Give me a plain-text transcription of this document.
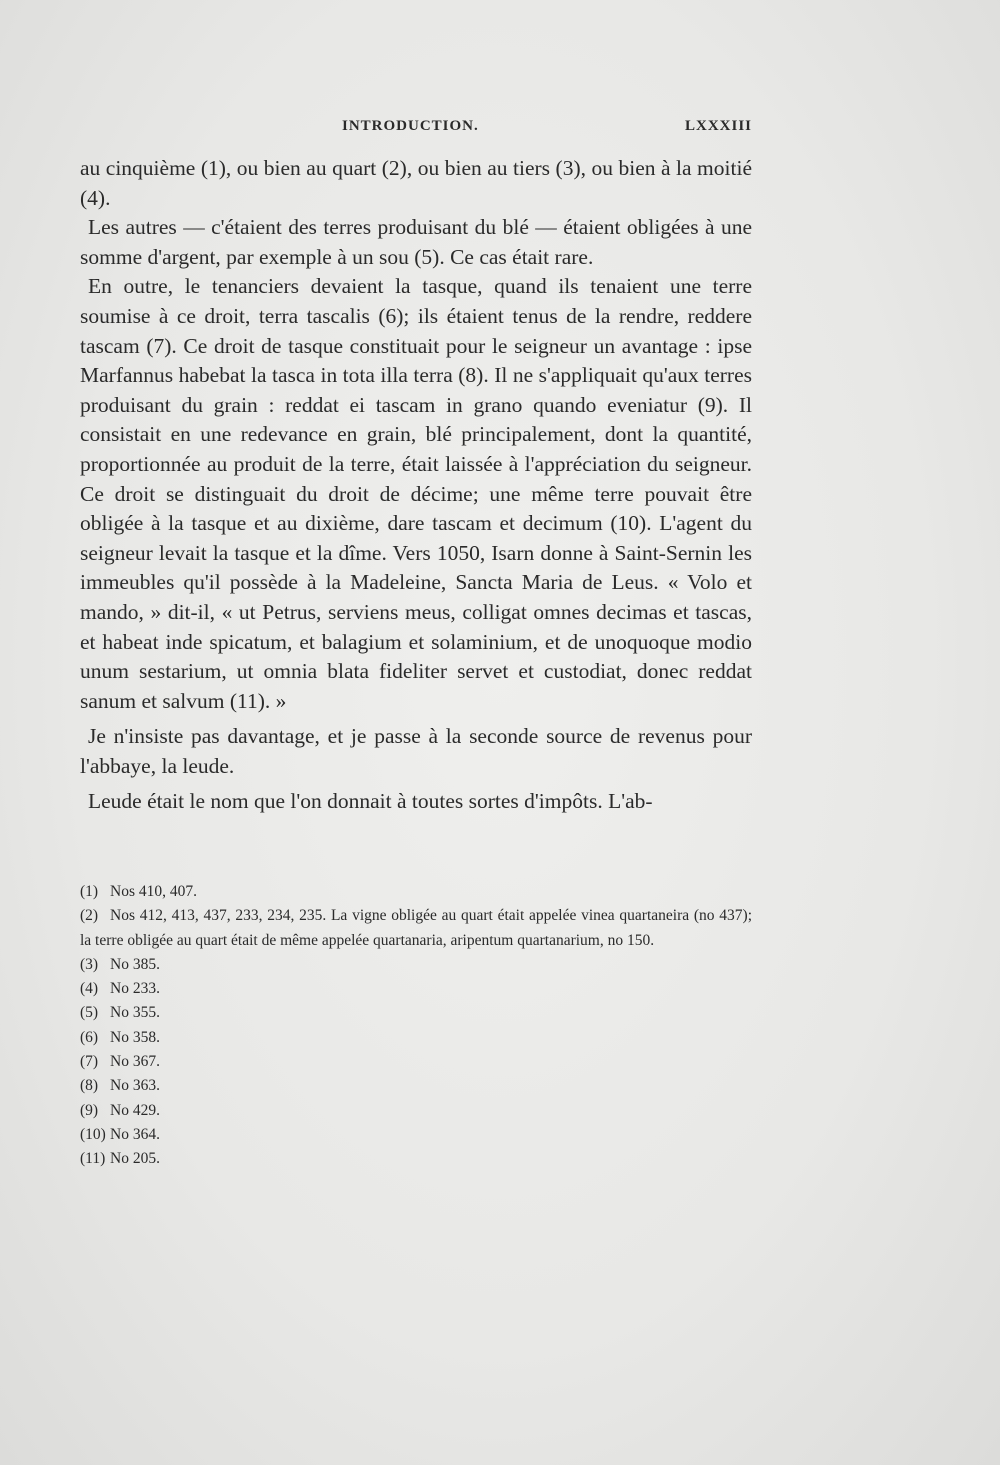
INTRODUCTION.	LXXXIII

au cinquième (1), ou bien au quart (2), ou bien au tiers (3), ou bien à la moitié (4).

Les autres — c'étaient des terres produisant du blé — étaient obligées à une somme d'argent, par exemple à un sou (5). Ce cas était rare.

En outre, le tenanciers devaient la tasque, quand ils tenaient une terre soumise à ce droit, terra tascalis (6); ils étaient tenus de la rendre, reddere tascam (7). Ce droit de tasque constituait pour le seigneur un avantage : ipse Marfannus habebat la tasca in tota illa terra (8). Il ne s'appliquait qu'aux terres produisant du grain : reddat ei tascam in grano quando eveniatur (9). Il consistait en une redevance en grain, blé principalement, dont la quantité, proportionnée au produit de la terre, était laissée à l'appréciation du seigneur. Ce droit se distinguait du droit de décime; une même terre pouvait être obligée à la tasque et au dixième, dare tascam et decimum (10). L'agent du seigneur levait la tasque et la dîme. Vers 1050, Isarn donne à Saint-Sernin les immeubles qu'il possède à la Madeleine, Sancta Maria de Leus. « Volo et mando, » dit-il, « ut Petrus, serviens meus, colligat omnes decimas et tascas, et habeat inde spicatum, et balagium et solaminium, et de unoquoque modio unum sestarium, ut omnia blata fideliter servet et custodiat, donec reddat sanum et salvum (11). »

Je n'insiste pas davantage, et je passe à la seconde source de revenus pour l'abbaye, la leude.

Leude était le nom que l'on donnait à toutes sortes d'impôts. L'ab-

(1) Nos 410, 407.

(2) Nos 412, 413, 437, 233, 234, 235. La vigne obligée au quart était appelée vinea quartaneira (no 437); la terre obligée au quart était de même appelée quartanaria, aripentum quartanarium, no 150.

(3) No 385.

(4) No 233.

(5) No 355.

(6) No 358.

(7) No 367.

(8) No 363.

(9) No 429.

(10) No 364.

(11) No 205.
